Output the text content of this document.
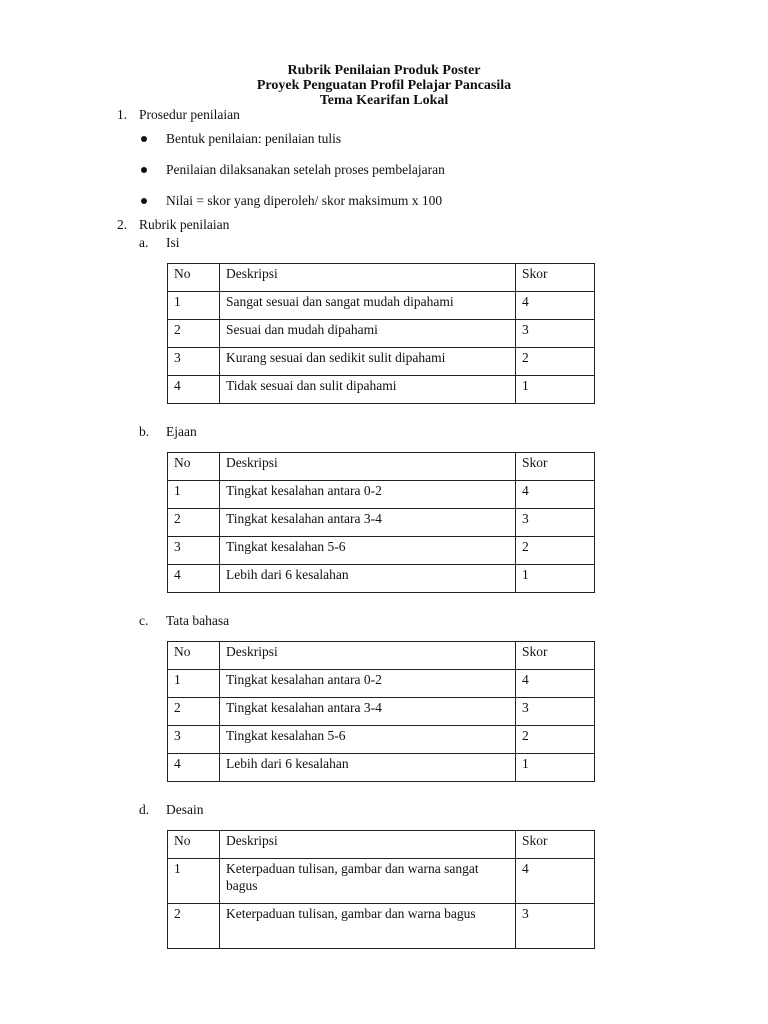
Rubrik Penilaian Produk Poster
Proyek Penguatan Profil Pelajar Pancasila
Tema Kearifan Lokal
1. Prosedur penilaian
Bentuk penilaian: penilaian tulis
Penilaian dilaksanakan setelah proses pembelajaran
Nilai = skor yang diperoleh/ skor maksimum x 100
2. Rubrik penilaian
a. Isi
No	Deskripsi	Skor
1	Sangat sesuai dan sangat mudah dipahami	4
2	Sesuai dan mudah dipahami	3
3	Kurang sesuai dan sedikit sulit dipahami	2
4	Tidak sesuai dan sulit dipahami	1
b. Ejaan
No	Deskripsi	Skor
1	Tingkat kesalahan antara 0-2	4
2	Tingkat kesalahan antara 3-4	3
3	Tingkat kesalahan 5-6	2
4	Lebih dari 6 kesalahan	1
c. Tata bahasa
No	Deskripsi	Skor
1	Tingkat kesalahan antara 0-2	4
2	Tingkat kesalahan antara 3-4	3
3	Tingkat kesalahan 5-6	2
4	Lebih dari 6 kesalahan	1
d. Desain
No	Deskripsi	Skor
1	Keterpaduan tulisan, gambar dan warna sangat bagus	4
2	Keterpaduan tulisan, gambar dan warna bagus	3
